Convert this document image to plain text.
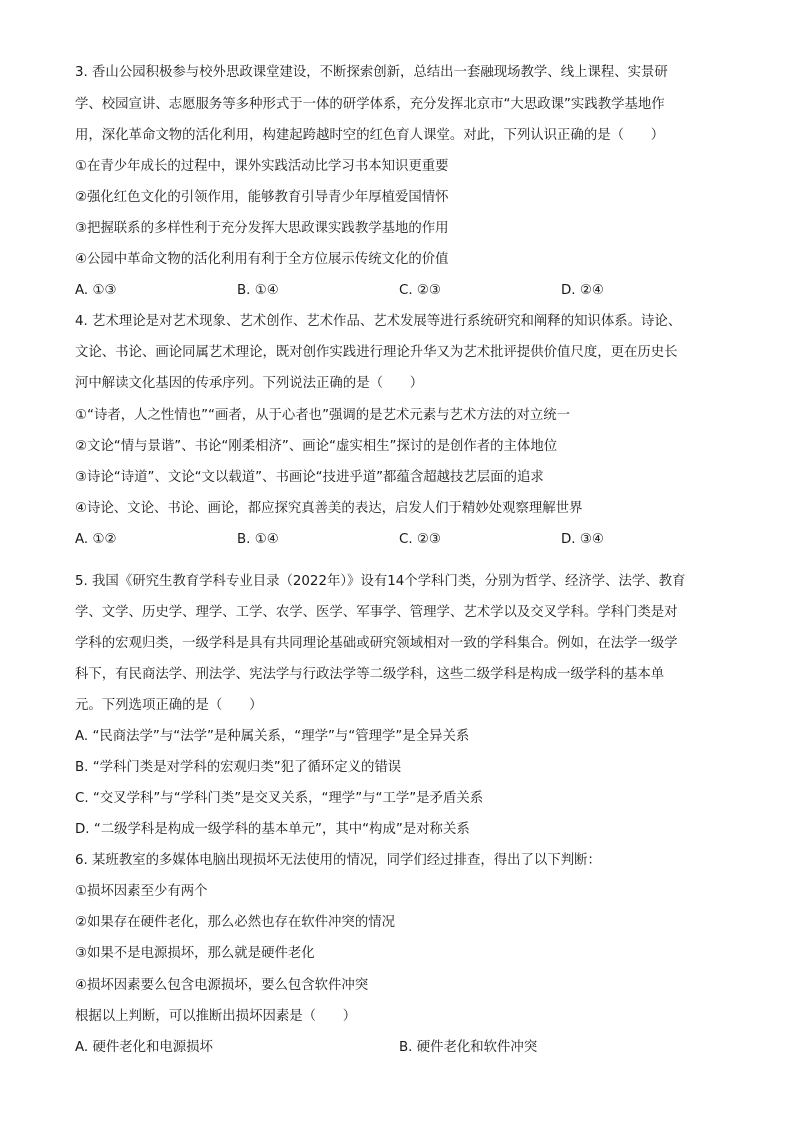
3. 香山公园积极参与校外思政课堂建设，不断探索创新，总结出一套融现场教学、线上课程、实景研
学、校园宣讲、志愿服务等多种形式于一体的研学体系，充分发挥北京市“大思政课”实践教学基地作
用，深化革命文物的活化利用，构建起跨越时空的红色育人课堂。对此，下列认识正确的是（　　）
①在青少年成长的过程中，课外实践活动比学习书本知识更重要
②强化红色文化的引领作用，能够教育引导青少年厚植爱国情怀
③把握联系的多样性利于充分发挥大思政课实践教学基地的作用
④公园中革命文物的活化利用有利于全方位展示传统文化的价值
A. ①③	B. ①④	C. ②③	D. ②④
4. 艺术理论是对艺术现象、艺术创作、艺术作品、艺术发展等进行系统研究和阐释的知识体系。诗论、
文论、书论、画论同属艺术理论，既对创作实践进行理论升华又为艺术批评提供价值尺度，更在历史长
河中解读文化基因的传承序列。下列说法正确的是（　　）
①“诗者，人之性情也”“画者，从于心者也”强调的是艺术元素与艺术方法的对立统一
②文论“情与景谐”、书论“刚柔相济”、画论“虚实相生”探讨的是创作者的主体地位
③诗论“诗道”、文论“文以载道”、书画论“技进乎道”都蕴含超越技艺层面的追求
④诗论、文论、书论、画论，都应探究真善美的表达，启发人们于精妙处观察理解世界
A. ①②	B. ①④	C. ②③	D. ③④
5. 我国《研究生教育学科专业目录（2022年）》设有14个学科门类，分别为哲学、经济学、法学、教育
学、文学、历史学、理学、工学、农学、医学、军事学、管理学、艺术学以及交叉学科。学科门类是对
学科的宏观归类，一级学科是具有共同理论基础或研究领域相对一致的学科集合。例如，在法学一级学
科下，有民商法学、刑法学、宪法学与行政法学等二级学科，这些二级学科是构成一级学科的基本单
元。下列选项正确的是（　　）
A. “民商法学”与“法学”是种属关系，“理学”与“管理学”是全异关系
B. “学科门类是对学科的宏观归类”犯了循环定义的错误
C. “交叉学科”与“学科门类”是交叉关系，“理学”与“工学”是矛盾关系
D. “二级学科是构成一级学科的基本单元”，其中“构成”是对称关系
6. 某班教室的多媒体电脑出现损坏无法使用的情况，同学们经过排查，得出了以下判断：
①损坏因素至少有两个
②如果存在硬件老化，那么必然也存在软件冲突的情况
③如果不是电源损坏，那么就是硬件老化
④损坏因素要么包含电源损坏，要么包含软件冲突
根据以上判断，可以推断出损坏因素是（　　）
A. 硬件老化和电源损坏	B. 硬件老化和软件冲突
